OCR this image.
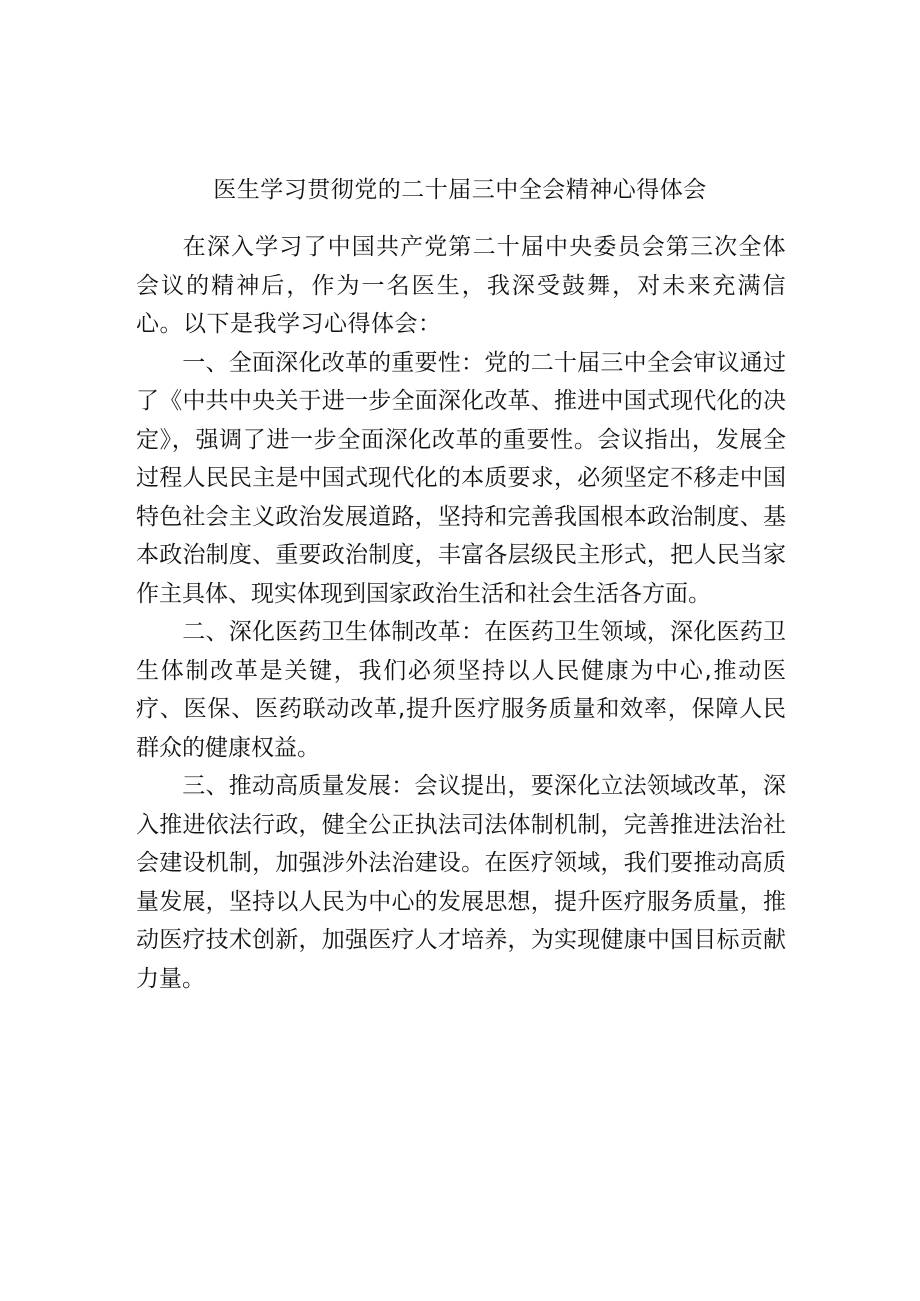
医生学习贯彻党的二十届三中全会精神心得体会

在深入学习了中国共产党第二十届中央委员会第三次全体会议的精神后，作为一名医生，我深受鼓舞，对未来充满信心。以下是我学习心得体会：

一、全面深化改革的重要性：党的二十届三中全会审议通过了《中共中央关于进一步全面深化改革、推进中国式现代化的决定》，强调了进一步全面深化改革的重要性。会议指出，发展全过程人民民主是中国式现代化的本质要求，必须坚定不移走中国特色社会主义政治发展道路，坚持和完善我国根本政治制度、基本政治制度、重要政治制度，丰富各层级民主形式，把人民当家作主具体、现实体现到国家政治生活和社会生活各方面。

二、深化医药卫生体制改革：在医药卫生领域，深化医药卫生体制改革是关键，我们必须坚持以人民健康为中心,推动医疗、医保、医药联动改革,提升医疗服务质量和效率，保障人民群众的健康权益。

三、推动高质量发展：会议提出，要深化立法领域改革，深入推进依法行政，健全公正执法司法体制机制，完善推进法治社会建设机制，加强涉外法治建设。在医疗领域，我们要推动高质量发展，坚持以人民为中心的发展思想，提升医疗服务质量，推动医疗技术创新，加强医疗人才培养，为实现健康中国目标贡献力量。
